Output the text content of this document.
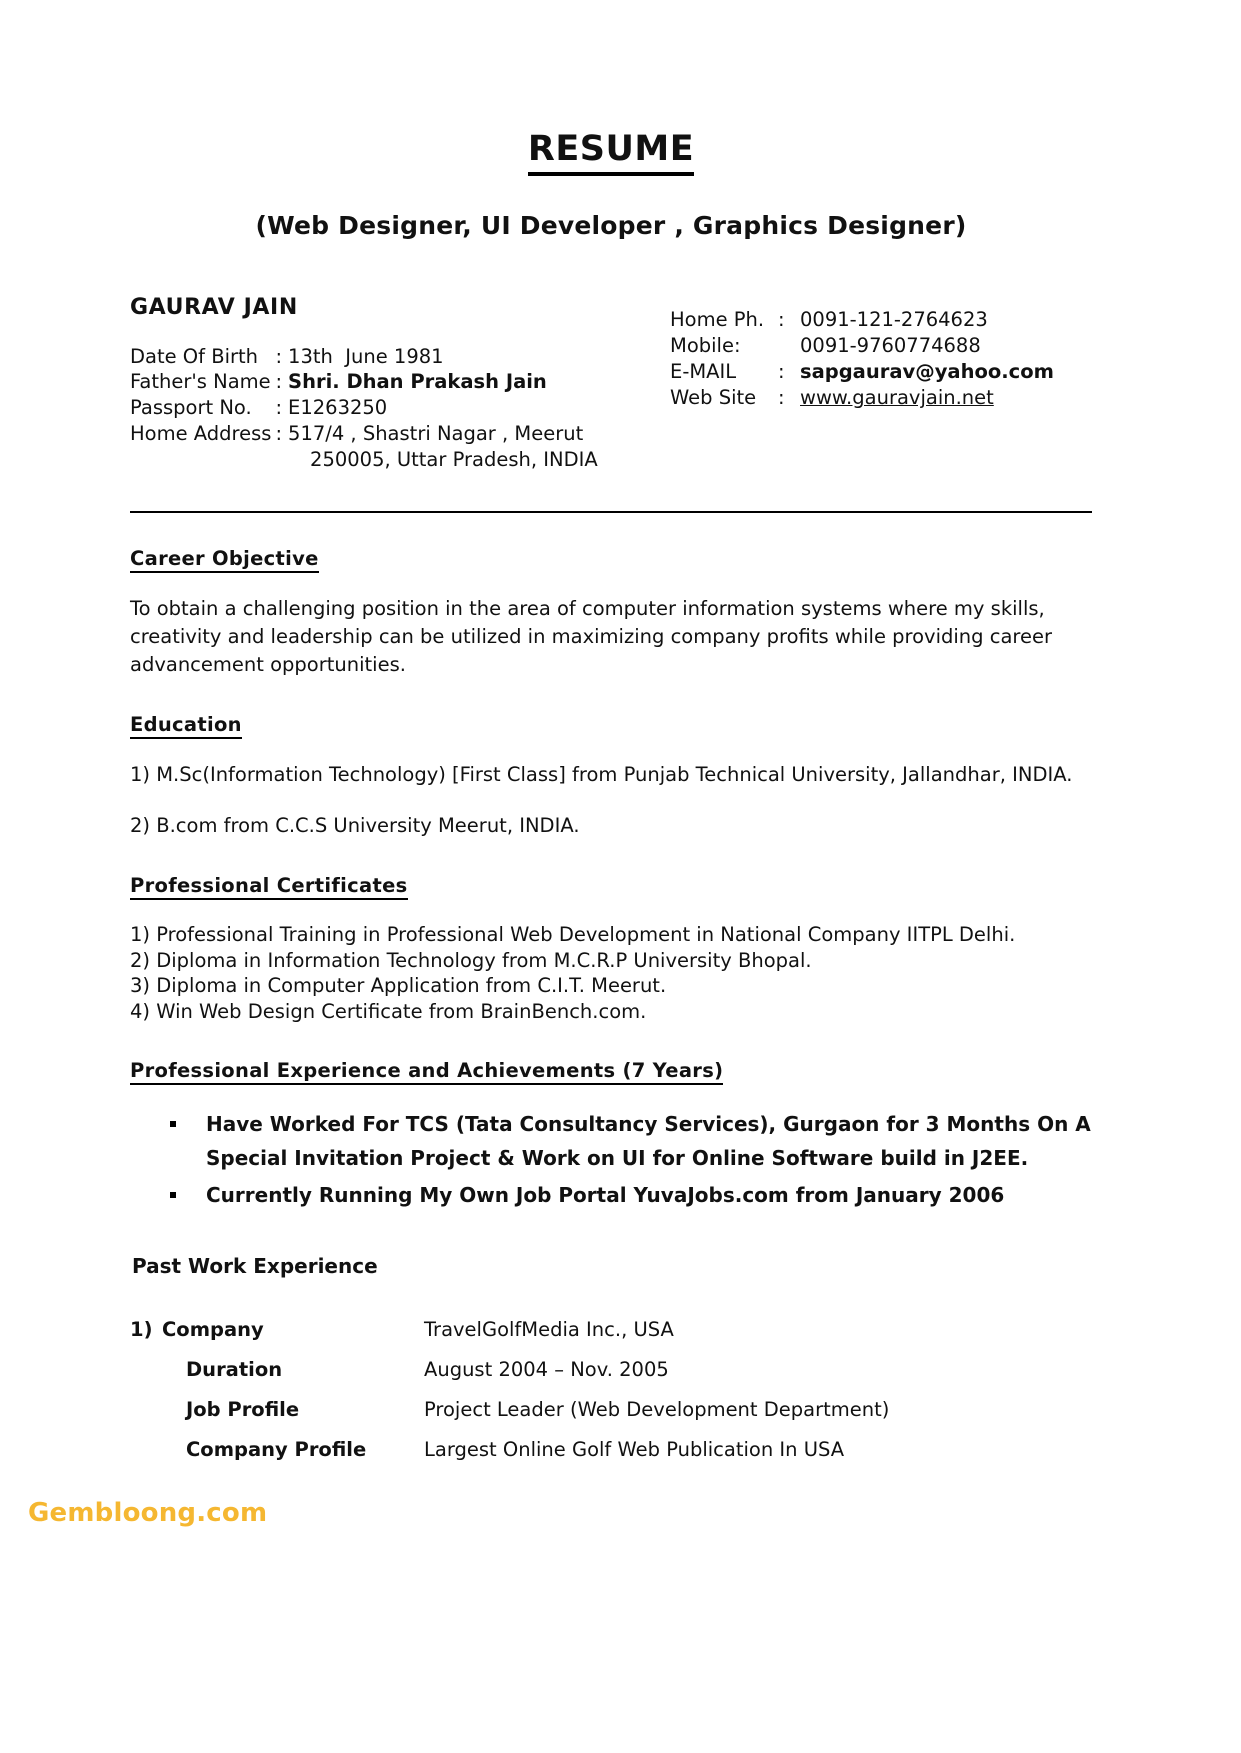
RESUME
(Web Designer, UI Developer , Graphics Designer)
GAURAV JAIN
Date Of Birth	:	13th  June 1981
Father's Name	:	Shri. Dhan Prakash Jain
Passport No.	:	E1263250
Home Address	:	517/4 , Shastri Nagar , Meerut
		250005, Uttar Pradesh, INDIA
Home Ph.	:	0091-121-2764623
Mobile:		0091-9760774688
E-MAIL	:	sapgaurav@yahoo.com
Web Site	:	www.gauravjain.net
Career Objective
To obtain a challenging position in the area of computer information systems where my skills, creativity and leadership can be utilized in maximizing company profits while providing career advancement opportunities.
Education
1) M.Sc(Information Technology) [First Class] from Punjab Technical University, Jallandhar, INDIA.
2) B.com from C.C.S University Meerut, INDIA.
Professional Certificates
1) Professional Training in Professional Web Development in National Company IITPL Delhi.
2) Diploma in Information Technology from M.C.R.P University Bhopal.
3) Diploma in Computer Application from C.I.T. Meerut.
4) Win Web Design Certificate from BrainBench.com.
Professional Experience and Achievements (7 Years)
Have Worked For TCS (Tata Consultancy Services), Gurgaon for 3 Months On A Special Invitation Project & Work on UI for Online Software build in J2EE.
Currently Running My Own Job Portal YuvaJobs.com from January 2006
Past Work Experience
1)	Company	TravelGolfMedia Inc., USA
	Duration	August 2004 – Nov. 2005
	Job Profile	Project Leader (Web Development Department)
	Company Profile	Largest Online Golf Web Publication In USA
Gembloong.com
